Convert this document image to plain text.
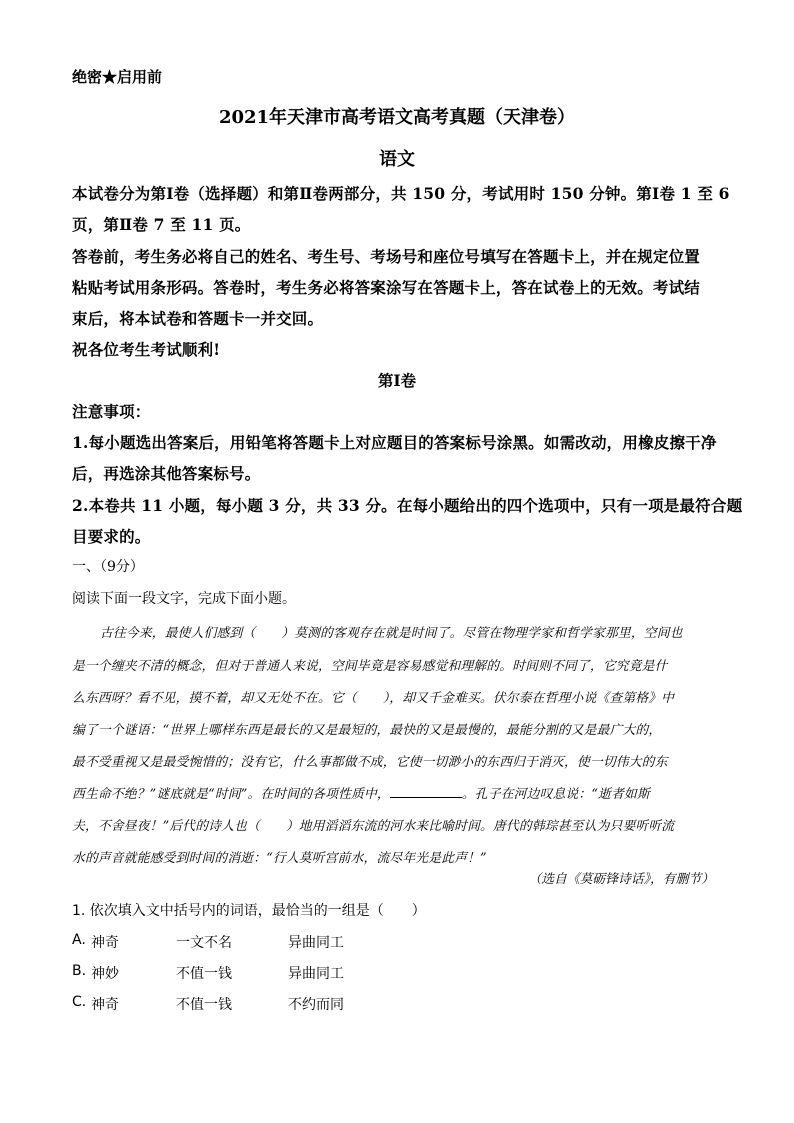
绝密★启用前
2021年天津市高考语文高考真题（天津卷）
语文
本试卷分为第Ⅰ卷（选择题）和第Ⅱ卷两部分，共 150 分，考试用时 150 分钟。第Ⅰ卷 1 至 6
页，第Ⅱ卷 7 至 11 页。
答卷前，考生务必将自己的姓名、考生号、考场号和座位号填写在答题卡上，并在规定位置
粘贴考试用条形码。答卷时，考生务必将答案涂写在答题卡上，答在试卷上的无效。考试结
束后，将本试卷和答题卡一并交回。
祝各位考生考试顺利!
第Ⅰ卷
注意事项：
1.每小题选出答案后，用铅笔将答题卡上对应题目的答案标号涂黑。如需改动，用橡皮擦干净
后，再选涂其他答案标号。
2.本卷共 11 小题，每小题 3 分，共 33 分。在每小题给出的四个选项中，只有一项是最符合题
目要求的。
一、（9分）
阅读下面一段文字，完成下面小题。
古往今来，最使人们感到（　　）莫测的客观存在就是时间了。尽管在物理学家和哲学家那里，空间也
是一个缠夹不清的概念，但对于普通人来说，空间毕竟是容易感觉和理解的。时间则不同了，它究竟是什
么东西呀？看不见，摸不着，却又无处不在。它（　　），却又千金难买。伏尔泰在哲理小说《查第格》中
编了一个谜语：“世界上哪样东西是最长的又是最短的，最快的又是最慢的，最能分割的又是最广大的，
最不受重视又是最受惋惜的；没有它，什么事都做不成，它使一切渺小的东西归于消灭，使一切伟大的东
西生命不绝？”谜底就是“时间”。在时间的各项性质中，	。孔子在河边叹息说：“逝者如斯
夫，不舍昼夜！”后代的诗人也（　　）地用滔滔东流的河水来比喻时间。唐代的韩琮甚至认为只要听听流
水的声音就能感受到时间的消逝：“行人莫听宫前水，流尽年光是此声！”
（选自《莫砺锋诗话》，有删节）
1. 依次填入文中括号内的词语，最恰当的一组是（　　）
A. 神奇	一文不名	异曲同工
B. 神妙	不值一钱	异曲同工
C. 神奇	不值一钱	不约而同
